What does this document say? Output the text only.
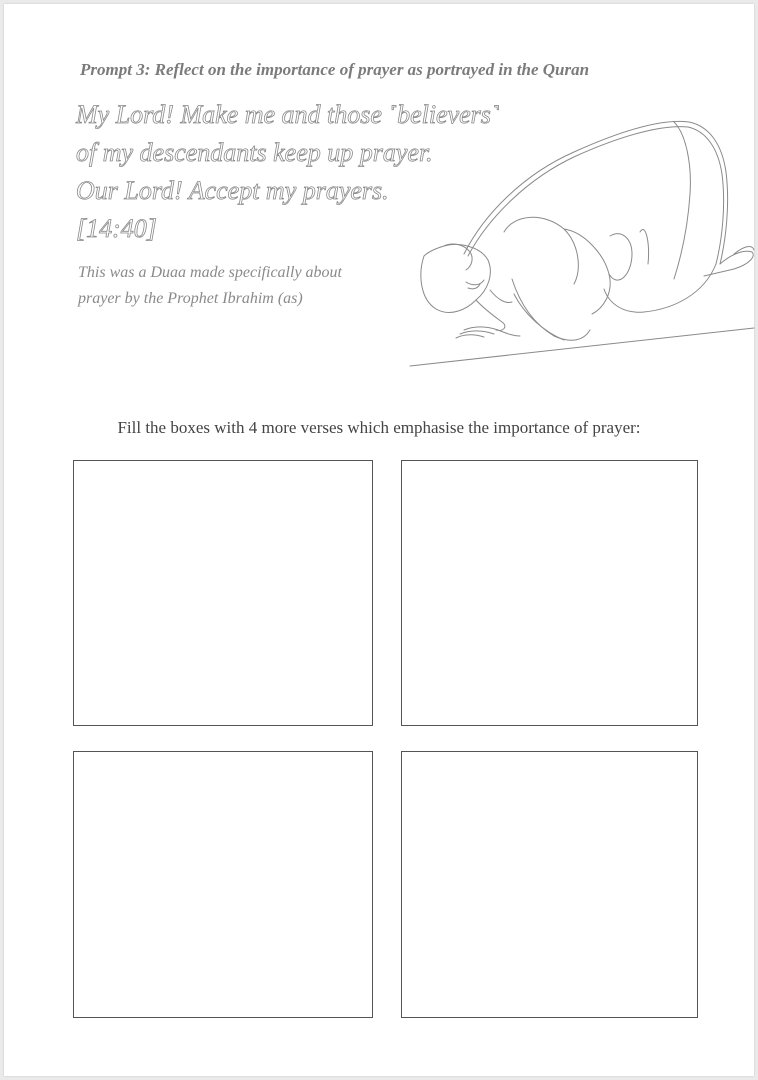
Prompt 3: Reflect on the importance of prayer as portrayed in the Quran
My Lord! Make me and those ˹believers˺
of my descendants keep up prayer.
Our Lord! Accept my prayers.
[14:40]
This was a Duaa made specifically about
prayer by the Prophet Ibrahim (as)
Fill the boxes with 4 more verses which emphasise the importance of prayer:
